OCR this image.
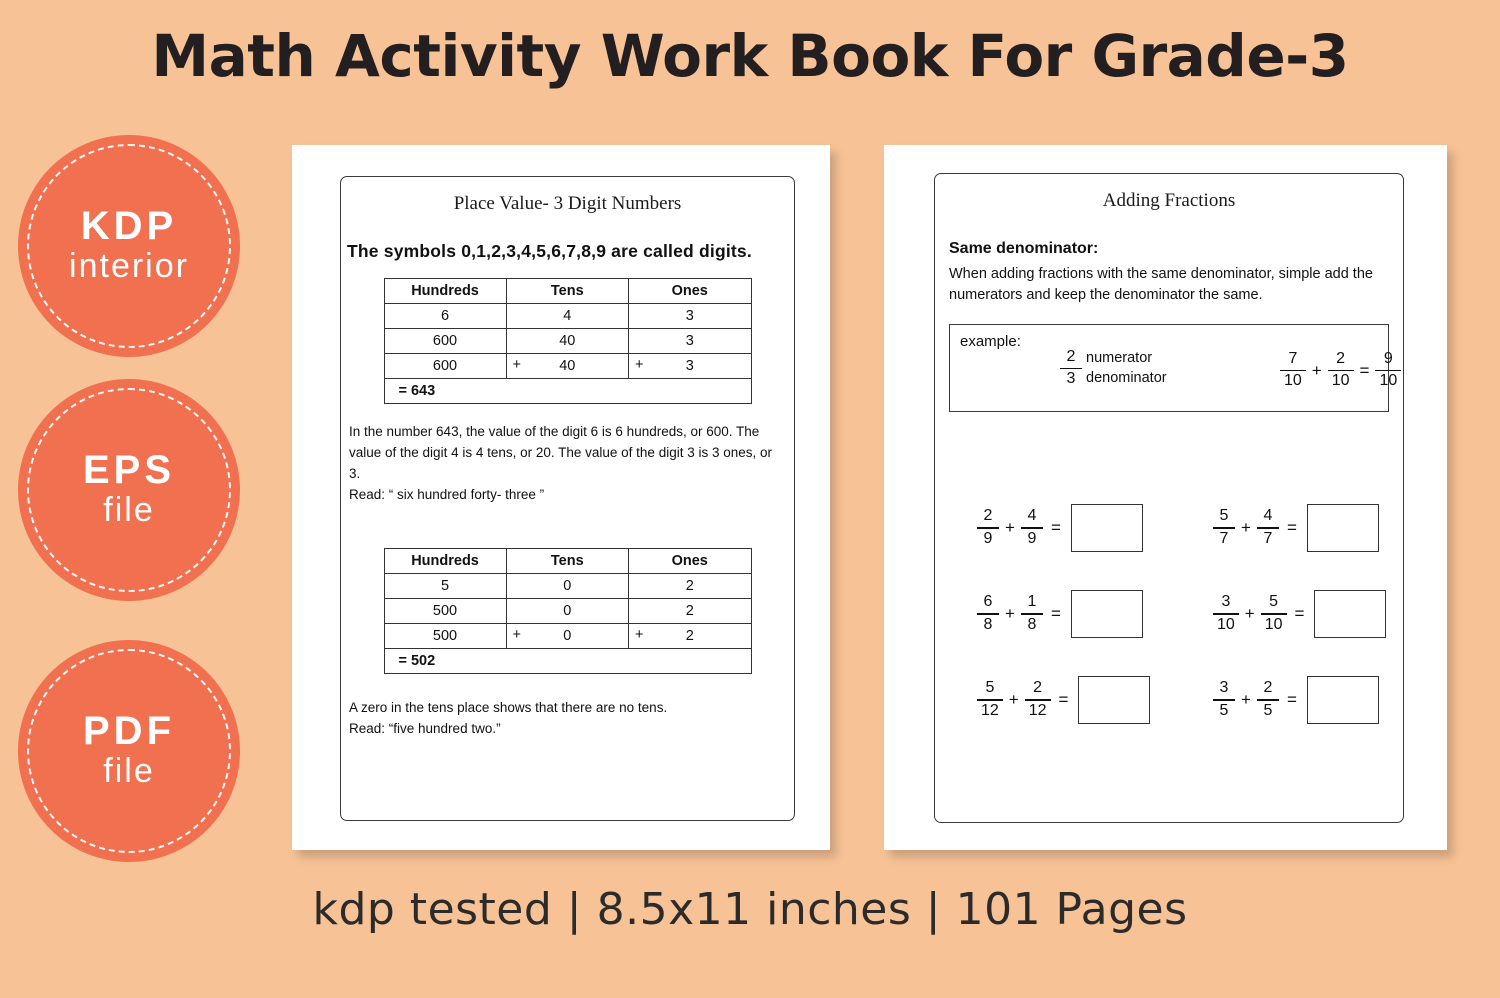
Math Activity Work Book For Grade-3
KDP
interior
EPS
file
PDF
file
Place Value- 3 Digit Numbers
The symbols 0,1,2,3,4,5,6,7,8,9 are called digits.
Hundreds	Tens	Ones
6	4	3
600	40	3
600	+ 40	+ 3
= 643		
In the number 643, the value of the digit 6 is 6 hundreds, or 600. The value of the digit 4 is 4 tens, or 20. The value of the digit 3 is 3 ones, or 3.
Read: “ six hundred forty- three ”
Hundreds	Tens	Ones
5	0	2
500	0	2
500	+ 0	+ 2
= 502		
A zero in the tens place shows that there are no tens.
Read: “five hundred two.”
Adding Fractions
Same denominator:
When adding fractions with the same denominator, simple add the numerators and keep the denominator the same.
example:
$\frac{2}{3}$ numerator
denominator	$\frac{7}{10} + \frac{2}{10} = \frac{9}{10}$
$\frac{2}{9} + \frac{4}{9}$ =	$\frac{5}{7} + \frac{4}{7}$ =
$\frac{6}{8} + \frac{1}{8}$ =	$\frac{3}{10} + \frac{5}{10}$ =
$\frac{5}{12} + \frac{2}{12}$ =	$\frac{3}{5} + \frac{2}{5}$ =
kdp tested | 8.5x11 inches | 101 Pages
